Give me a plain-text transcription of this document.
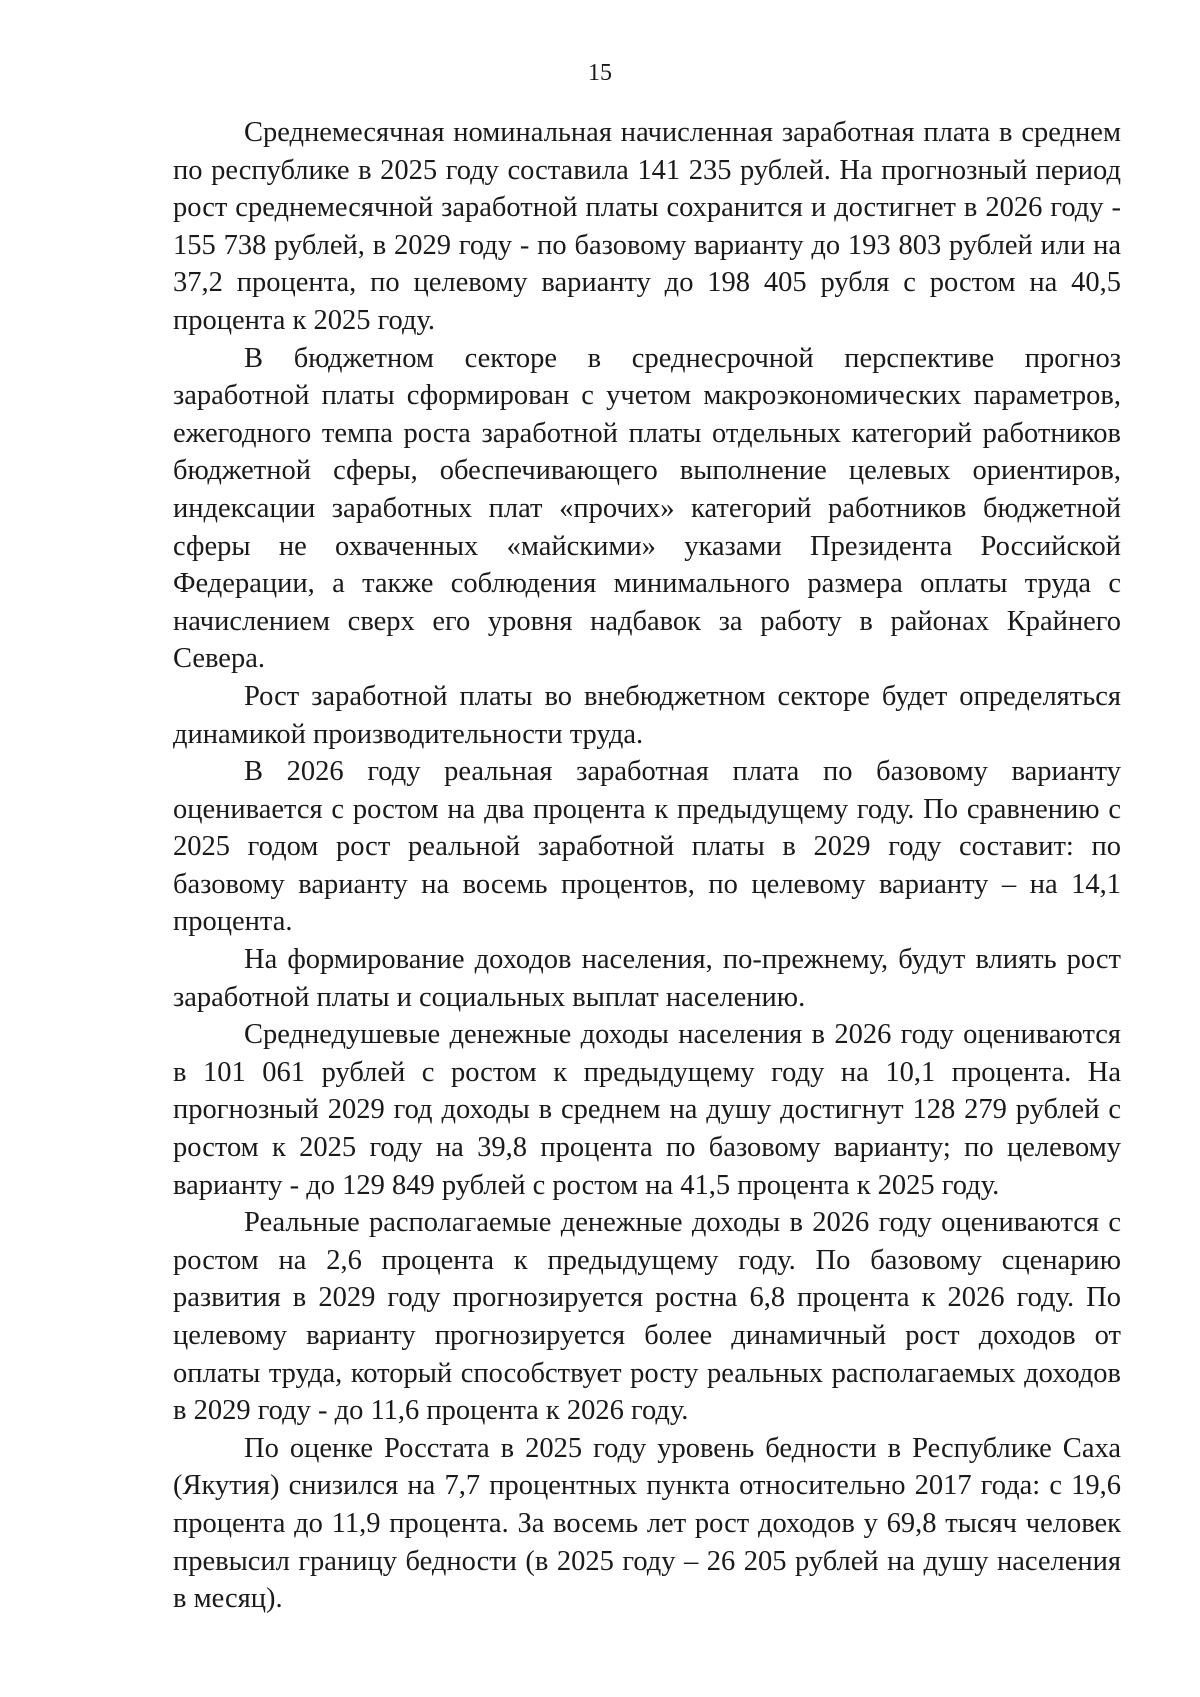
15

Среднемесячная номинальная начисленная заработная плата в среднем по республике в 2025 году составила 141 235 рублей. На прогнозный период рост среднемесячной заработной платы сохранится и достигнет в 2026 году - 155 738 рублей, в 2029 году - по базовому варианту до 193 803 рублей или на 37,2 процента, по целевому варианту до 198 405 рубля с ростом на 40,5 процента к 2025 году.

В бюджетном секторе в среднесрочной перспективе прогноз заработной платы сформирован с учетом макроэкономических параметров, ежегодного темпа роста заработной платы отдельных категорий работников бюджетной сферы, обеспечивающего выполнение целевых ориентиров, индексации заработных плат «прочих» категорий работников бюджетной сферы не охваченных «майскими» указами Президента Российской Федерации, а также соблюдения минимального размера оплаты труда с начислением сверх его уровня надбавок за работу в районах Крайнего Севера.

Рост заработной платы во внебюджетном секторе будет определяться динамикой производительности труда.

В 2026 году реальная заработная плата по базовому варианту оценивается с ростом на два процента к предыдущему году. По сравнению с 2025 годом рост реальной заработной платы в 2029 году составит: по базовому варианту на восемь процентов, по целевому варианту – на 14,1 процента.

На формирование доходов населения, по-прежнему, будут влиять рост заработной платы и социальных выплат населению.

Среднедушевые денежные доходы населения в 2026 году оцениваются в 101 061 рублей с ростом к предыдущему году на 10,1 процента. На прогнозный 2029 год доходы в среднем на душу достигнут 128 279 рублей с ростом к 2025 году на 39,8 процента по базовому варианту; по целевому варианту - до 129 849 рублей с ростом на 41,5 процента к 2025 году.

Реальные располагаемые денежные доходы в 2026 году оцениваются с ростом на 2,6 процента к предыдущему году. По базовому сценарию развития в 2029 году прогнозируется ростна 6,8 процента к 2026 году. По целевому варианту прогнозируется более динамичный рост доходов от оплаты труда, который способствует росту реальных располагаемых доходов в 2029 году - до 11,6 процента к 2026 году.

По оценке Росстата в 2025 году уровень бедности в Республике Саха (Якутия) снизился на 7,7 процентных пункта относительно 2017 года: с 19,6 процента до 11,9 процента. За восемь лет рост доходов у 69,8 тысяч человек превысил границу бедности (в 2025 году – 26 205 рублей на душу населения в месяц).
